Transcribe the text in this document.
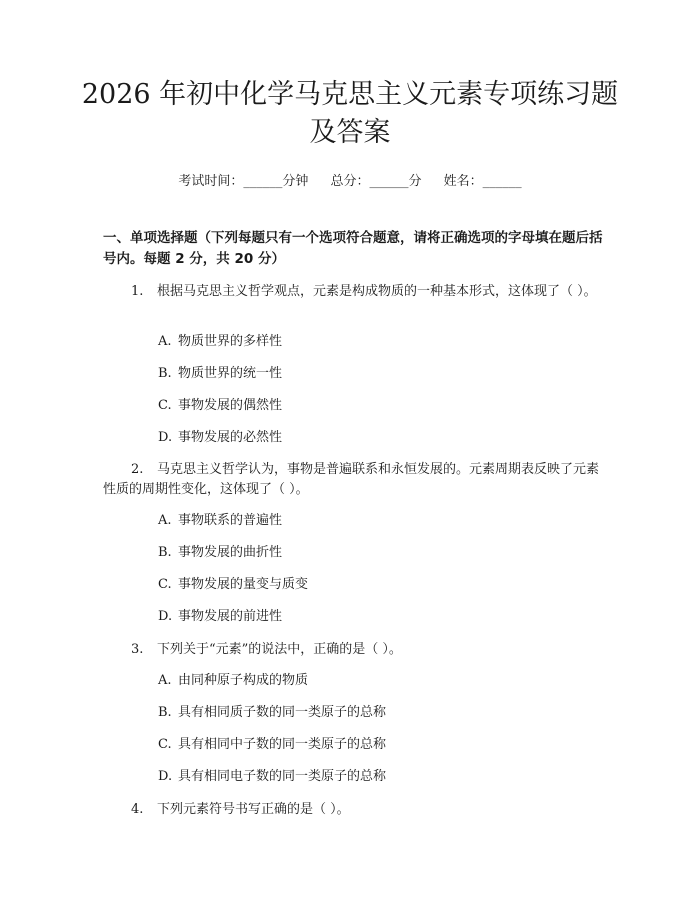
2026 年初中化学马克思主义元素专项练习题
及答案
考试时间：______分钟 总分：______分 姓名：______
一、单项选择题（下列每题只有一个选项符合题意，请将正确选项的字母填在题后括号内。每题 2 分，共 20 分）
1. 根据马克思主义哲学观点，元素是构成物质的一种基本形式，这体现了（ ）。
A. 物质世界的多样性
B. 物质世界的统一性
C. 事物发展的偶然性
D. 事物发展的必然性
2. 马克思主义哲学认为，事物是普遍联系和永恒发展的。元素周期表反映了元素性质的周期性变化，这体现了（ ）。
A. 事物联系的普遍性
B. 事物发展的曲折性
C. 事物发展的量变与质变
D. 事物发展的前进性
3. 下列关于“元素”的说法中，正确的是（ ）。
A. 由同种原子构成的物质
B. 具有相同质子数的同一类原子的总称
C. 具有相同中子数的同一类原子的总称
D. 具有相同电子数的同一类原子的总称
4. 下列元素符号书写正确的是（ ）。
